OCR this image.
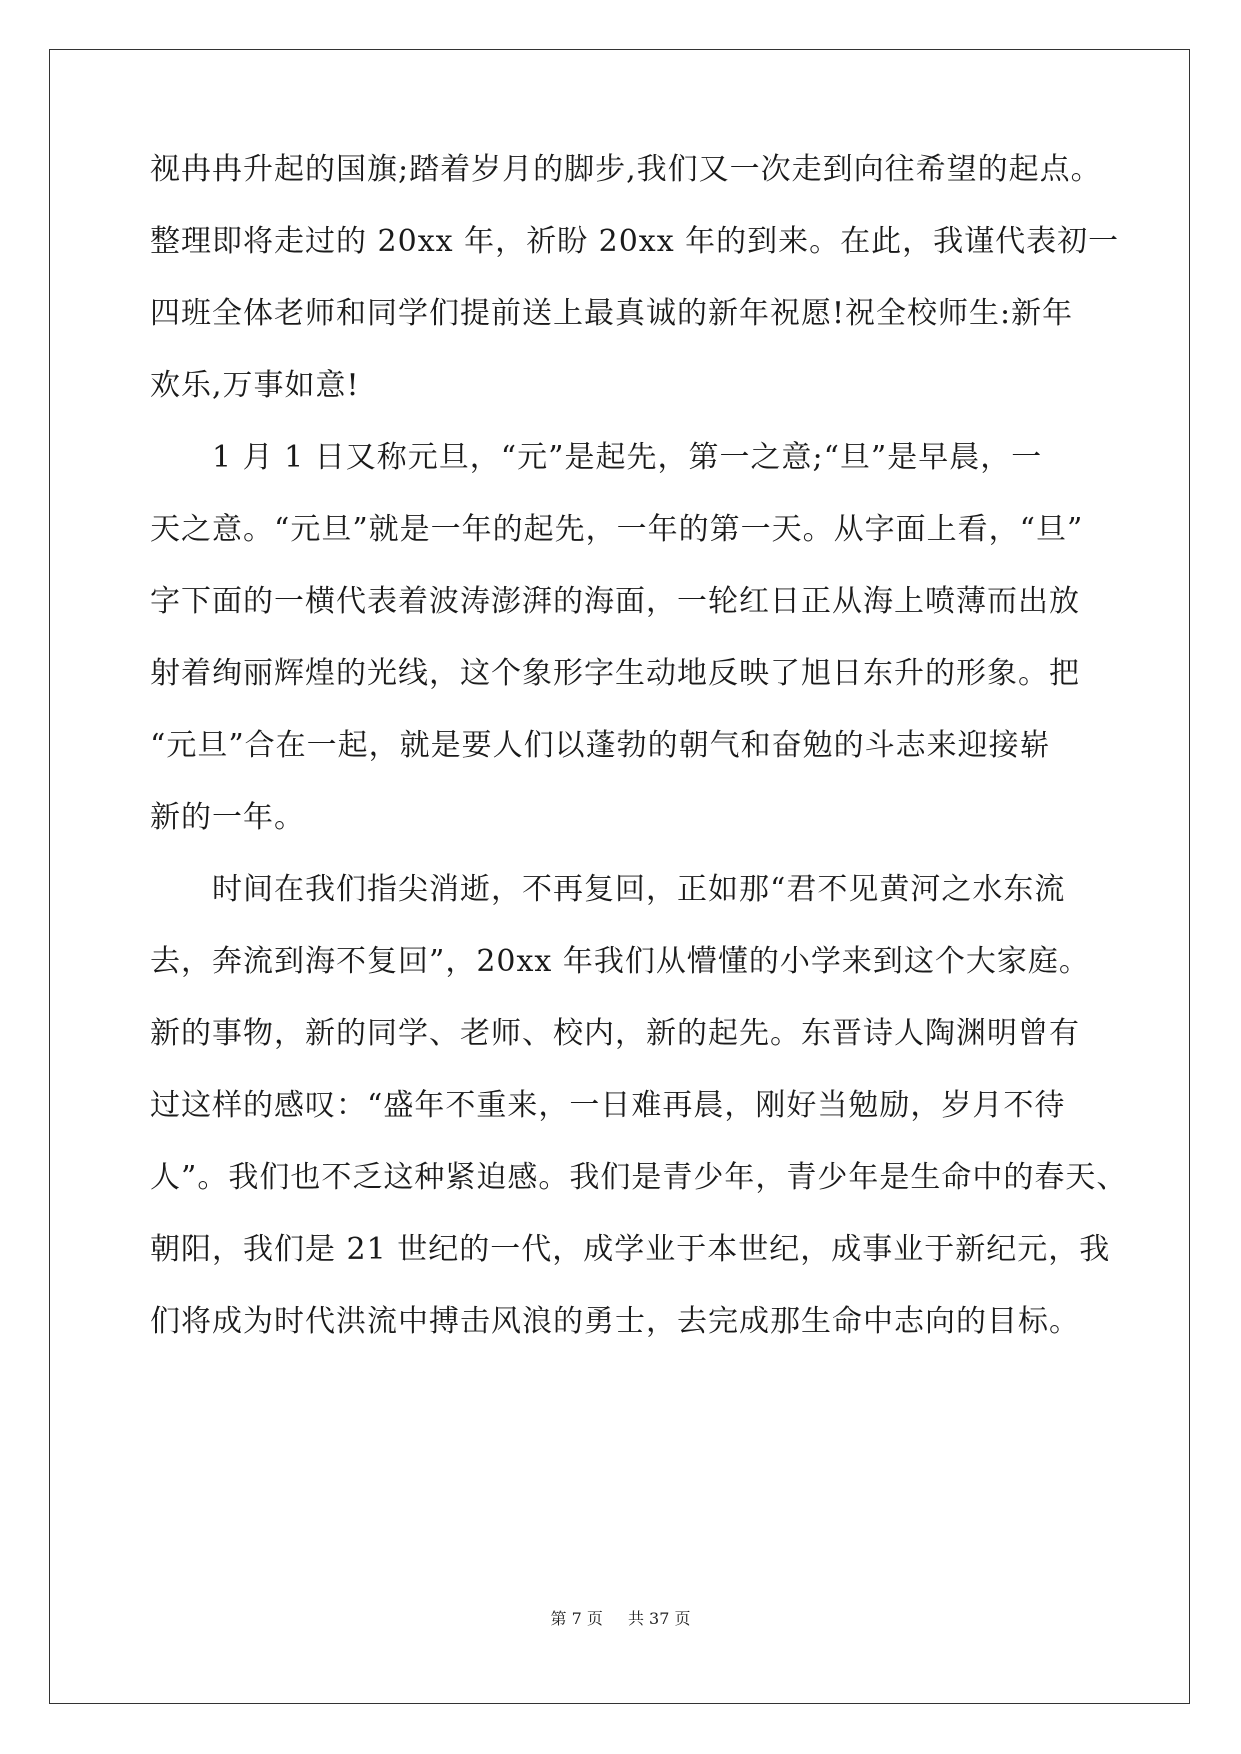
视冉冉升起的国旗;踏着岁月的脚步,我们又一次走到向往希望的起点。
整理即将走过的 20xx 年，祈盼 20xx 年的到来。在此，我谨代表初一
四班全体老师和同学们提前送上最真诚的新年祝愿!祝全校师生:新年
欢乐,万事如意!
　　1 月 1 日又称元旦，“元”是起先，第一之意;“旦”是早晨，一
天之意。“元旦”就是一年的起先，一年的第一天。从字面上看，“旦”
字下面的一横代表着波涛澎湃的海面，一轮红日正从海上喷薄而出放
射着绚丽辉煌的光线，这个象形字生动地反映了旭日东升的形象。把
“元旦”合在一起，就是要人们以蓬勃的朝气和奋勉的斗志来迎接崭
新的一年。
　　时间在我们指尖消逝，不再复回，正如那“君不见黄河之水东流
去，奔流到海不复回”，20xx 年我们从懵懂的小学来到这个大家庭。
新的事物，新的同学、老师、校内，新的起先。东晋诗人陶渊明曾有
过这样的感叹：“盛年不重来，一日难再晨，刚好当勉励，岁月不待
人”。我们也不乏这种紧迫感。我们是青少年，青少年是生命中的春天、
朝阳，我们是 21 世纪的一代，成学业于本世纪，成事业于新纪元，我
们将成为时代洪流中搏击风浪的勇士，去完成那生命中志向的目标。
第 7 页 共 37 页
